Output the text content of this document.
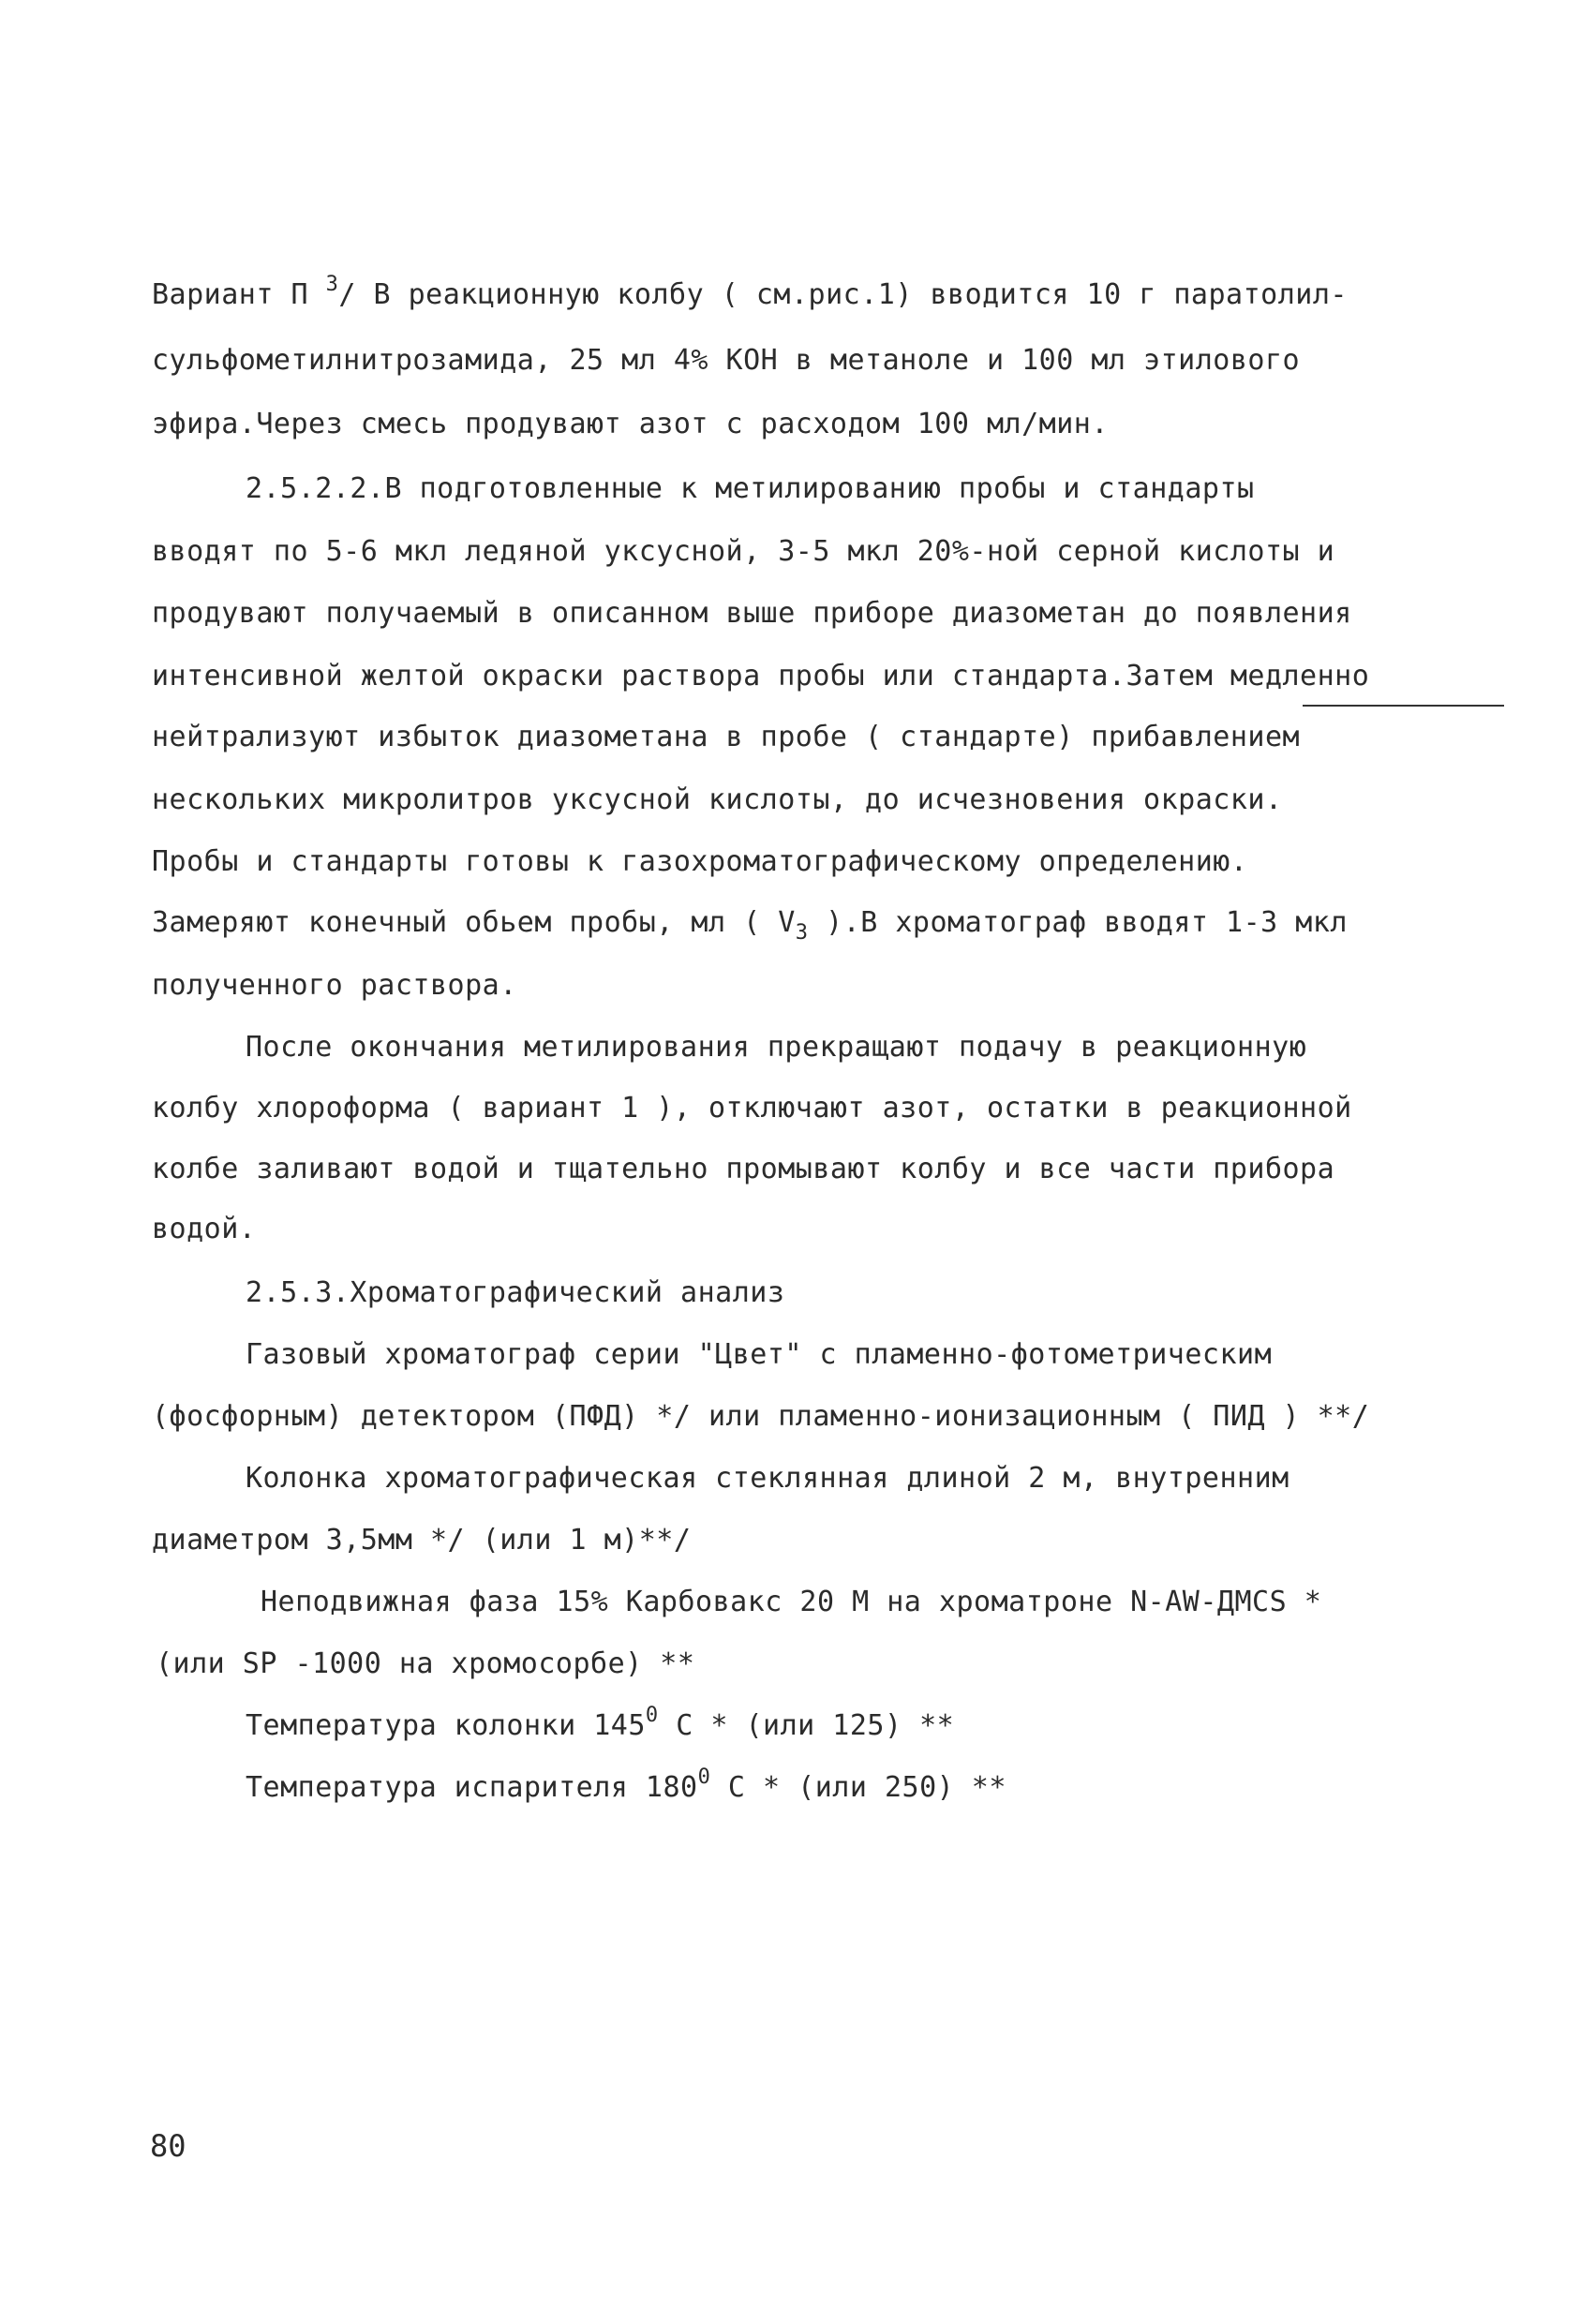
Вариант П $^3$/ В реакционную колбу ( см.рис.1) вводится 10 г паратолил-
сульфометилнитрозамида, 25 мл 4% КОН в метаноле и 100 мл этилового
эфира.Через смесь продувают азот с расходом 100 мл/мин.
2.5.2.2.В подготовленные к метилированию пробы и стандарты
вводят по 5-6 мкл ледяной уксусной, 3-5 мкл 20%-ной серной кислоты и
продувают получаемый в описанном выше приборе диазометан до появления
интенсивной желтой окраски раствора пробы или стандарта.Затем медленно
нейтрализуют избыток диазометана в пробе ( стандарте) прибавлением
нескольких микролитров уксусной кислоты, до исчезновения окраски.
Пробы и стандарты готовы к газохроматографическому определению.
Замеряют конечный обьем пробы, мл ( $V_3$ ).В хроматограф вводят 1-3 мкл
полученного раствора.
После окончания метилирования прекращают подачу в реакционную
колбу хлороформа ( вариант 1 ), отключают азот, остатки в реакционной
колбе заливают водой и тщательно промывают колбу и все части прибора
водой.
2.5.3.Хроматографический анализ
Газовый хроматограф серии "Цвет" с пламенно-фотометрическим
(фосфорным) детектором (ПФД) */ или пламенно-ионизационным ( ПИД ) **/
Колонка хроматографическая стеклянная длиной 2 м, внутренним
диаметром 3,5мм */ (или 1 м)**/
Неподвижная фаза 15% Карбовакс 20 М на хроматроне N-AW-ДМCS *
(или SP -1000 на хромосорбе) **
Температура колонки $145^0$ С * (или 125) **
Температура испарителя $180^0$ С * (или 250) **
80
